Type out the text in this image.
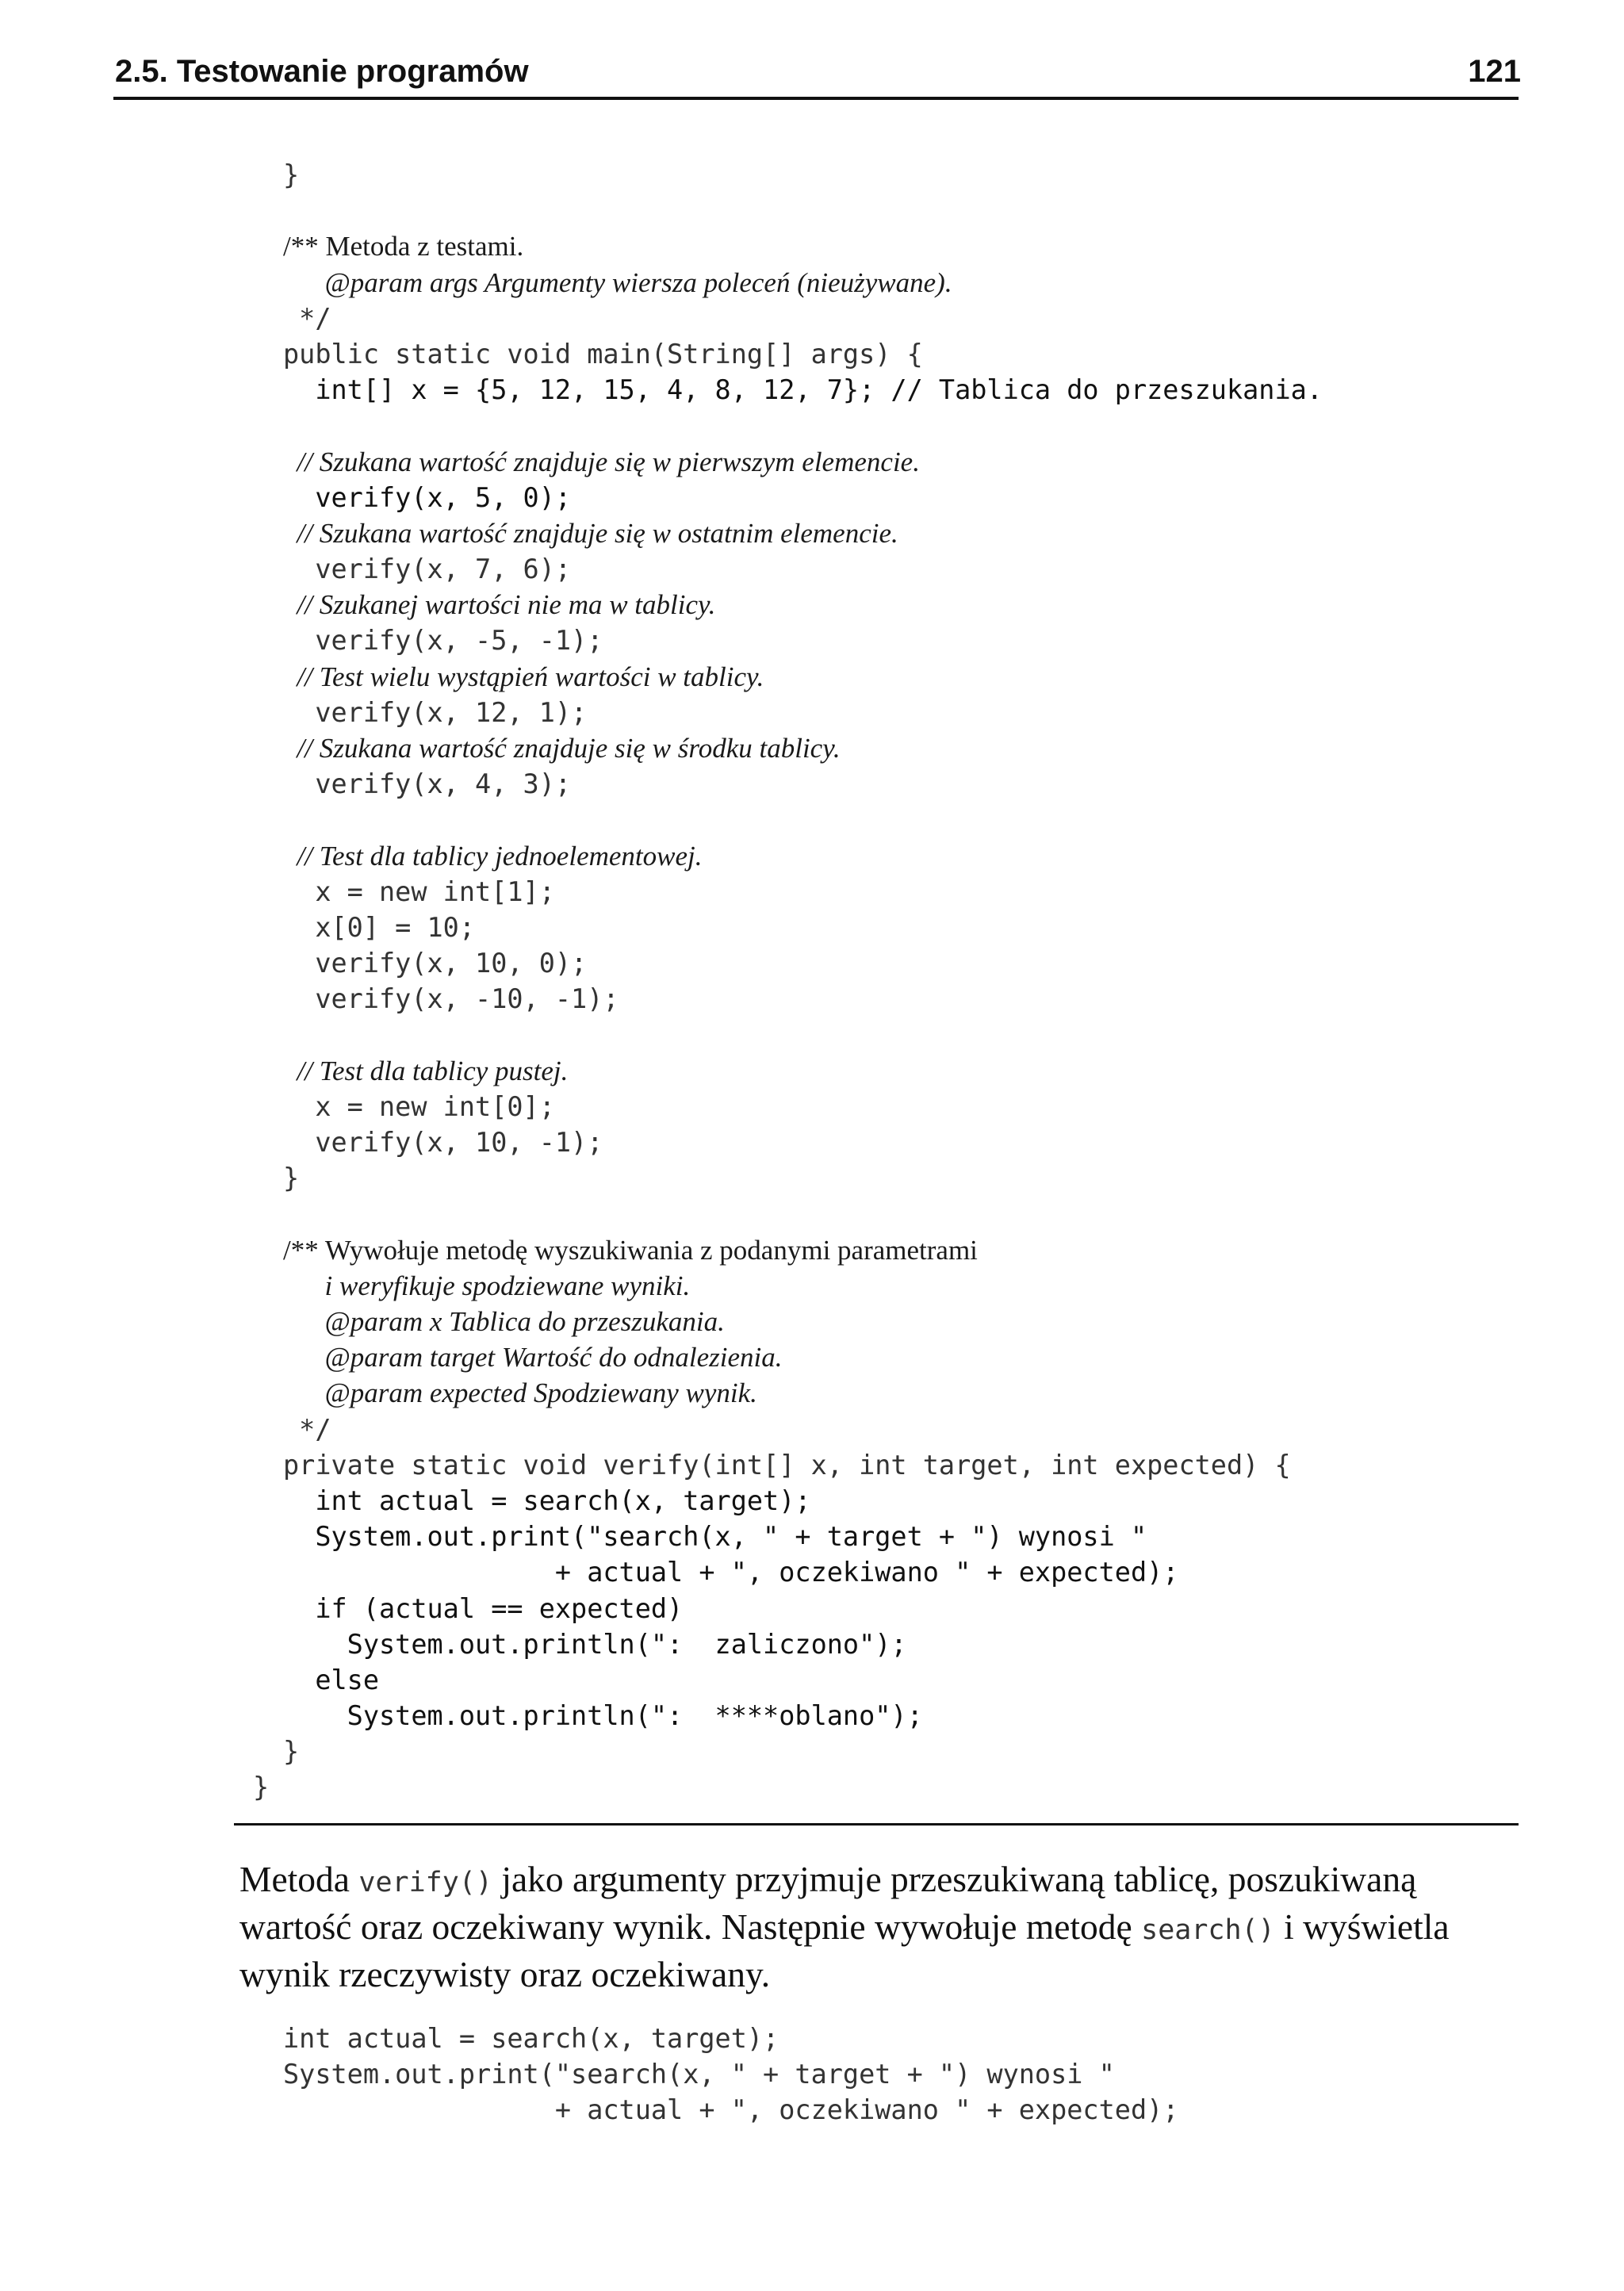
2.5. Testowanie programów	121
}
/** Metoda z testami.
@param args Argumenty wiersza poleceń (nieużywane).
*/
public static void main(String[] args) {
int[] x = {5, 12, 15, 4, 8, 12, 7}; // Tablica do przeszukania.
// Szukana wartość znajduje się w pierwszym elemencie.
verify(x, 5, 0);
// Szukana wartość znajduje się w ostatnim elemencie.
verify(x, 7, 6);
// Szukanej wartości nie ma w tablicy.
verify(x, -5, -1);
// Test wielu wystąpień wartości w tablicy.
verify(x, 12, 1);
// Szukana wartość znajduje się w środku tablicy.
verify(x, 4, 3);
// Test dla tablicy jednoelementowej.
x = new int[1];
x[0] = 10;
verify(x, 10, 0);
verify(x, -10, -1);
// Test dla tablicy pustej.
x = new int[0];
verify(x, 10, -1);
}
/** Wywołuje metodę wyszukiwania z podanymi parametrami
i weryfikuje spodziewane wyniki.
@param x Tablica do przeszukania.
@param target Wartość do odnalezienia.
@param expected Spodziewany wynik.
*/
private static void verify(int[] x, int target, int expected) {
int actual = search(x, target);
System.out.print("search(x, " + target + ") wynosi "
+ actual + ", oczekiwano " + expected);
if (actual == expected)
System.out.println(":  zaliczono");
else
System.out.println(":  ****oblano");
}
}

Metoda verify() jako argumenty przyjmuje przeszukiwaną tablicę, poszukiwaną wartość oraz oczekiwany wynik. Następnie wywołuje metodę search() i wyświetla wynik rzeczywisty oraz oczekiwany.

int actual = search(x, target);
System.out.print("search(x, " + target + ") wynosi "
+ actual + ", oczekiwano " + expected);
